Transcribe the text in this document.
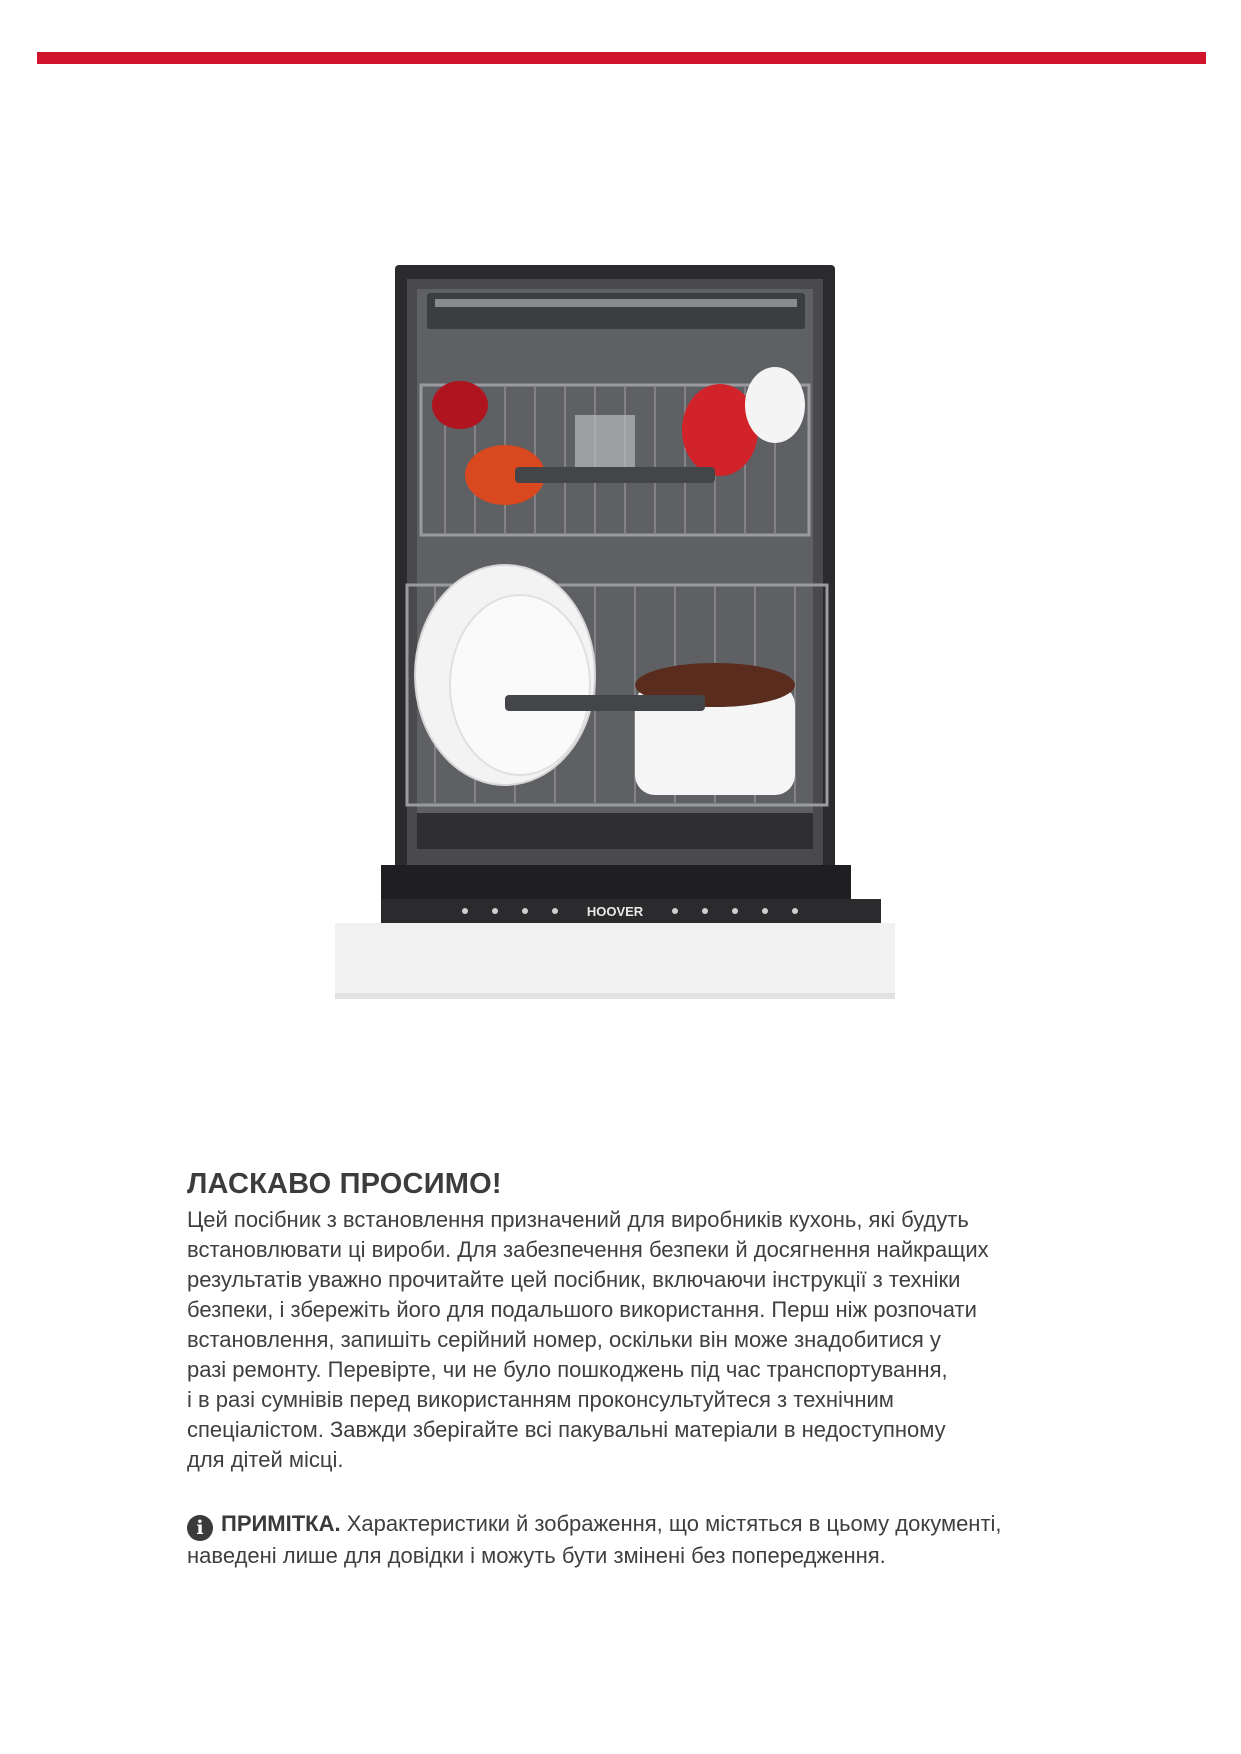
HOOVER
ЛАСКАВО ПРОСИМО!

Цей посібник з встановлення призначений для виробників кухонь, які будуть
встановлювати ці вироби. Для забезпечення безпеки й досягнення найкращих
результатів уважно прочитайте цей посібник, включаючи інструкції з техніки
безпеки, і збережіть його для подальшого використання. Перш ніж розпочати
встановлення, запишіть серійний номер, оскільки він може знадобитися у
разі ремонту. Перевірте, чи не було пошкоджень під час транспортування,
і в разі сумнівів перед використанням проконсультуйтеся з технічним
спеціалістом. Завжди зберігайте всі пакувальні матеріали в недоступному
для дітей місці.

i ПРИМІТКА. Характеристики й зображення, що містяться в цьому документі,
наведені лише для довідки і можуть бути змінені без попередження.
